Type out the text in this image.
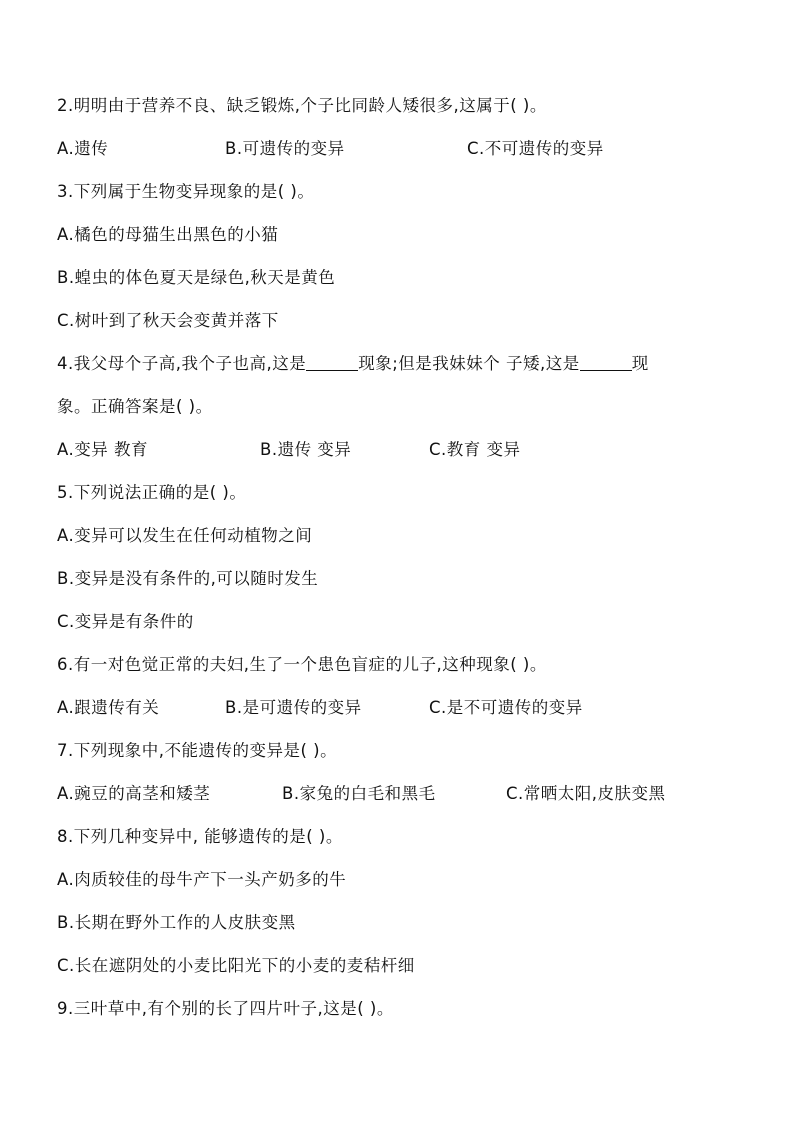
2.明明由于营养不良、缺乏锻炼,个子比同龄人矮很多,这属于( )。
A.遗传	B.可遗传的变异	C.不可遗传的变异
3.下列属于生物变异现象的是( )。
A.橘色的母猫生出黑色的小猫
B.蝗虫的体色夏天是绿色,秋天是黄色
C.树叶到了秋天会变黄并落下
4.我父母个子高,我个子也高,这是	现象;但是我妹妹个 子矮,这是	现
象。正确答案是( )。
A.变异 教育	B.遗传 变异	C.教育 变异
5.下列说法正确的是( )。
A.变异可以发生在任何动植物之间
B.变异是没有条件的,可以随时发生
C.变异是有条件的
6.有一对色觉正常的夫妇,生了一个患色盲症的儿子,这种现象( )。
A.跟遗传有关	B.是可遗传的变异	C.是不可遗传的变异
7.下列现象中,不能遗传的变异是( )。
A.豌豆的高茎和矮茎	B.家兔的白毛和黑毛	C.常晒太阳,皮肤变黑
8.下列几种变异中, 能够遗传的是( )。
A.肉质较佳的母牛产下一头产奶多的牛
B.长期在野外工作的人皮肤变黑
C.长在遮阴处的小麦比阳光下的小麦的麦秸杆细
9.三叶草中,有个别的长了四片叶子,这是( )。
